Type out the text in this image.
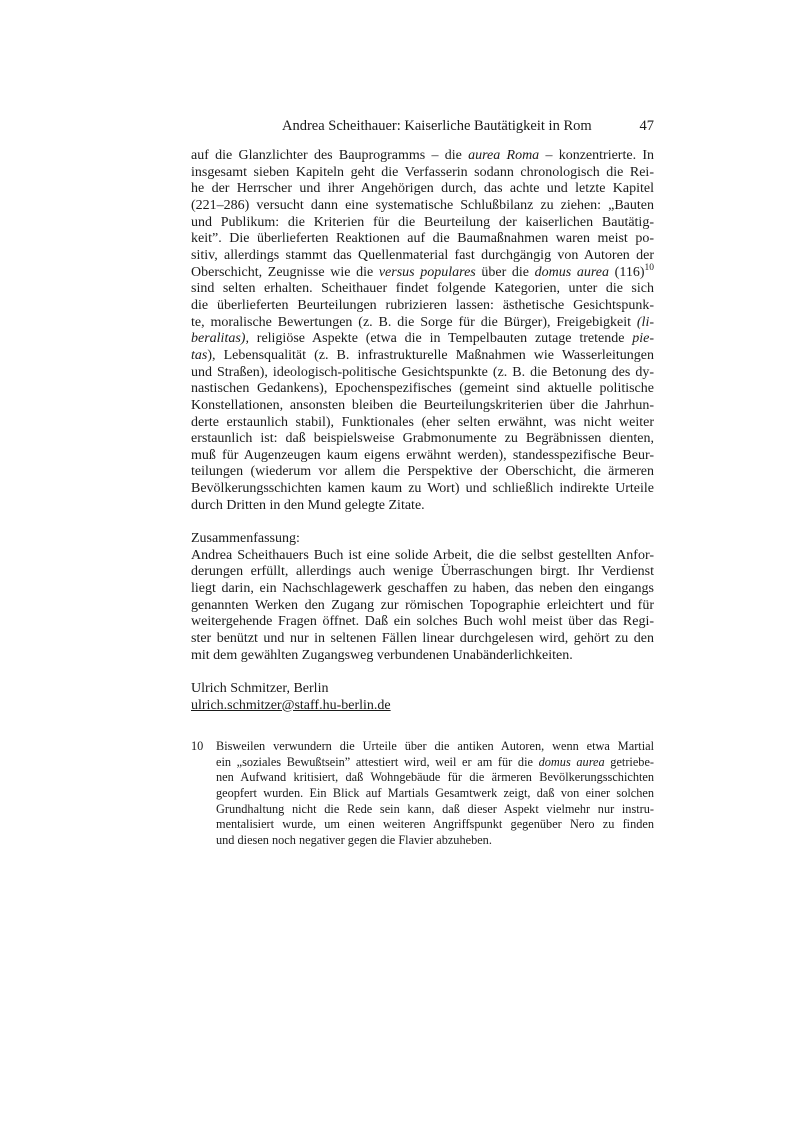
Andrea Scheithauer: Kaiserliche Bautätigkeit in Rom	47
auf die Glanzlichter des Bauprogramms – die aurea Roma – konzentrierte. In
insgesamt sieben Kapiteln geht die Verfasserin sodann chronologisch die Rei-
he der Herrscher und ihrer Angehörigen durch, das achte und letzte Kapitel
(221–286) versucht dann eine systematische Schlußbilanz zu ziehen: „Bauten
und Publikum: die Kriterien für die Beurteilung der kaiserlichen Bautätig-
keit”. Die überlieferten Reaktionen auf die Baumaßnahmen waren meist po-
sitiv, allerdings stammt das Quellenmaterial fast durchgängig von Autoren der
Oberschicht, Zeugnisse wie die versus populares über die domus aurea $(116)^{10}$
sind selten erhalten. Scheithauer findet folgende Kategorien, unter die sich
die überlieferten Beurteilungen rubrizieren lassen: ästhetische Gesichtspunk-
te, moralische Bewertungen (z. B. die Sorge für die Bürger), Freigebigkeit (li-
beralitas), religiöse Aspekte (etwa die in Tempelbauten zutage tretende pie-
tas), Lebensqualität (z. B. infrastrukturelle Maßnahmen wie Wasserleitungen
und Straßen), ideologisch-politische Gesichtspunkte (z. B. die Betonung des dy-
nastischen Gedankens), Epochenspezifisches (gemeint sind aktuelle politische
Konstellationen, ansonsten bleiben die Beurteilungskriterien über die Jahrhun-
derte erstaunlich stabil), Funktionales (eher selten erwähnt, was nicht weiter
erstaunlich ist: daß beispielsweise Grabmonumente zu Begräbnissen dienten,
muß für Augenzeugen kaum eigens erwähnt werden), standesspezifische Beur-
teilungen (wiederum vor allem die Perspektive der Oberschicht, die ärmeren
Bevölkerungsschichten kamen kaum zu Wort) und schließlich indirekte Urteile
durch Dritten in den Mund gelegte Zitate.
Zusammenfassung:
Andrea Scheithauers Buch ist eine solide Arbeit, die die selbst gestellten Anfor-
derungen erfüllt, allerdings auch wenige Überraschungen birgt. Ihr Verdienst
liegt darin, ein Nachschlagewerk geschaffen zu haben, das neben den eingangs
genannten Werken den Zugang zur römischen Topographie erleichtert und für
weitergehende Fragen öffnet. Daß ein solches Buch wohl meist über das Regi-
ster benützt und nur in seltenen Fällen linear durchgelesen wird, gehört zu den
mit dem gewählten Zugangsweg verbundenen Unabänderlichkeiten.
Ulrich Schmitzer, Berlin
ulrich.schmitzer@staff.hu-berlin.de
10 Bisweilen verwundern die Urteile über die antiken Autoren, wenn etwa Martial
ein „soziales Bewußtsein” attestiert wird, weil er am für die domus aurea getriebe-
nen Aufwand kritisiert, daß Wohngebäude für die ärmeren Bevölkerungsschichten
geopfert wurden. Ein Blick auf Martials Gesamtwerk zeigt, daß von einer solchen
Grundhaltung nicht die Rede sein kann, daß dieser Aspekt vielmehr nur instru-
mentalisiert wurde, um einen weiteren Angriffspunkt gegenüber Nero zu finden
und diesen noch negativer gegen die Flavier abzuheben.
